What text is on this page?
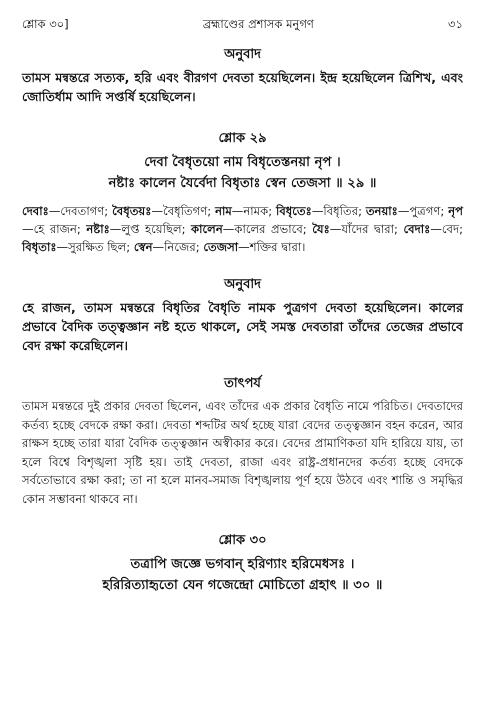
শ্লোক ৩০]	ব্রহ্মাণ্ডের প্রশাসক মনুগণ	৩১
অনুবাদ

তামস মন্বন্তরে সত্যক, হরি এবং বীরগণ দেবতা হয়েছিলেন। ইন্দ্র হয়েছিলেন ত্রিশিখ, এবং জোতির্ধাম আদি সপ্তর্ষি হয়েছিলেন।

শ্লোক ২৯

দেবা বৈধৃতয়ো নাম বিধৃতেস্তনয়া নৃপ ।
নষ্টাঃ কালেন যৈর্বেদা বিধৃতাঃ স্বেন তেজসা ॥ ২৯ ॥

দেবাঃ—দেবতাগণ; বৈধৃতয়ঃ—বৈধৃতিগণ; নাম—নামক; বিধৃতেঃ—বিধৃতির; তনয়াঃ—পুত্রগণ; নৃপ—হে রাজন; নষ্টাঃ—লুপ্ত হয়েছিল; কালেন—কালের প্রভাবে; যৈঃ—যাঁদের দ্বারা; বেদাঃ—বেদ; বিধৃতাঃ—সুরক্ষিত ছিল; স্বেন—নিজের; তেজসা—শক্তির দ্বারা।

অনুবাদ

হে রাজন, তামস মন্বন্তরে বিধৃতির বৈধৃতি নামক পুত্রগণ দেবতা হয়েছিলেন। কালের প্রভাবে বৈদিক তত্ত্বজ্ঞান নষ্ট হতে থাকলে, সেই সমস্ত দেবতারা তাঁদের তেজের প্রভাবে বেদ রক্ষা করেছিলেন।

তাৎপর্য

তামস মন্বন্তরে দুই প্রকার দেবতা ছিলেন, এবং তাঁদের এক প্রকার বৈধৃতি নামে পরিচিত। দেবতাদের কর্তব্য হচ্ছে বেদকে রক্ষা করা। দেবতা শব্দটির অর্থ হচ্ছে যারা বেদের তত্ত্বজ্ঞান বহন করেন, আর রাক্ষস হচ্ছে তারা যারা বৈদিক তত্ত্বজ্ঞান অস্বীকার করে। বেদের প্রামাণিকতা যদি হারিয়ে যায়, তা হলে বিশ্বে বিশৃঙ্খলা সৃষ্টি হয়। তাই দেবতা, রাজা এবং রাষ্ট্র-প্রধানদের কর্তব্য হচ্ছে বেদকে সর্বতোভাবে রক্ষা করা; তা না হলে মানব-সমাজ বিশৃঙ্খলায় পূর্ণ হয়ে উঠবে এবং শান্তি ও সমৃদ্ধির কোন সম্ভাবনা থাকবে না।

শ্লোক ৩০

তত্রাপি জজ্ঞে ভগবান্ হরিণ্যাং হরিমেধসঃ ।
হরিরিত্যাহৃতো যেন গজেন্দ্রো মোচিতো গ্রহাৎ ॥ ৩০ ॥
